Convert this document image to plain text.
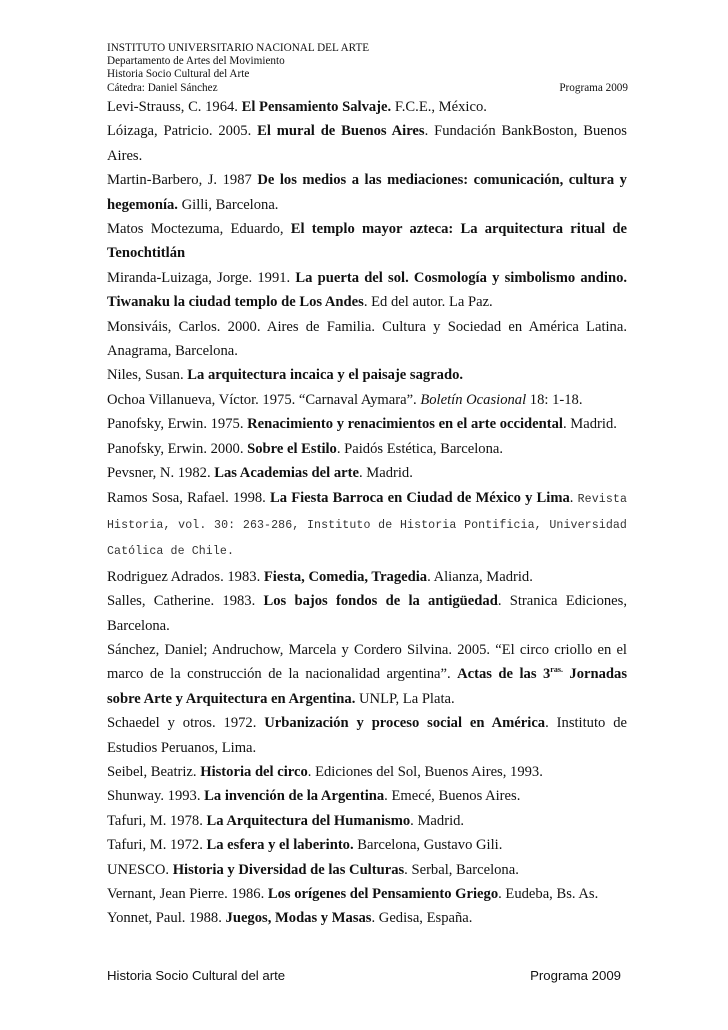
INSTITUTO UNIVERSITARIO NACIONAL DEL ARTE
Departamento de Artes del Movimiento
Historia Socio Cultural del Arte
Cátedra: Daniel Sánchez	Programa 2009

Levi-Strauss, C. 1964. El Pensamiento Salvaje. F.C.E., México.

Lóizaga, Patricio. 2005. El mural de Buenos Aires. Fundación BankBoston, Buenos Aires.

Martin-Barbero, J. 1987 De los medios a las mediaciones: comunicación, cultura y hegemonía. Gilli, Barcelona.

Matos Moctezuma, Eduardo, El templo mayor azteca: La arquitectura ritual de Tenochtitlán

Miranda-Luizaga, Jorge. 1991. La puerta del sol. Cosmología y simbolismo andino. Tiwanaku la ciudad templo de Los Andes. Ed del autor. La Paz.

Monsiváis, Carlos. 2000. Aires de Familia. Cultura y Sociedad en América Latina. Anagrama, Barcelona.

Niles, Susan. La arquitectura incaica y el paisaje sagrado.

Ochoa Villanueva, Víctor. 1975. “Carnaval Aymara”. Boletín Ocasional 18: 1-18.

Panofsky, Erwin. 1975. Renacimiento y renacimientos en el arte occidental. Madrid.

Panofsky, Erwin. 2000. Sobre el Estilo. Paidós Estética, Barcelona.

Pevsner, N. 1982. Las Academias del arte. Madrid.

Ramos Sosa, Rafael. 1998. La Fiesta Barroca en Ciudad de México y Lima. Revista Historia, vol. 30: 263-286, Instituto de Historia Pontificia, Universidad Católica de Chile.

Rodriguez Adrados. 1983. Fiesta, Comedia, Tragedia. Alianza, Madrid.

Salles, Catherine. 1983. Los bajos fondos de la antigüedad. Stranica Ediciones, Barcelona.

Sánchez, Daniel; Andruchow, Marcela y Cordero Silvina. 2005. “El circo criollo en el marco de la construcción de la nacionalidad argentina”. Actas de las $3^{ras.}$ Jornadas sobre Arte y Arquitectura en Argentina. UNLP, La Plata.

Schaedel y otros. 1972. Urbanización y proceso social en América. Instituto de Estudios Peruanos, Lima.

Seibel, Beatriz. Historia del circo. Ediciones del Sol, Buenos Aires, 1993.

Shunway. 1993. La invención de la Argentina. Emecé, Buenos Aires.

Tafuri, M. 1978. La Arquitectura del Humanismo. Madrid.

Tafuri, M. 1972. La esfera y el laberinto. Barcelona, Gustavo Gili.

UNESCO. Historia y Diversidad de las Culturas. Serbal, Barcelona.

Vernant, Jean Pierre. 1986. Los orígenes del Pensamiento Griego. Eudeba, Bs. As.

Yonnet, Paul. 1988. Juegos, Modas y Masas. Gedisa, España.

Historia Socio Cultural del arte	Programa 2009
